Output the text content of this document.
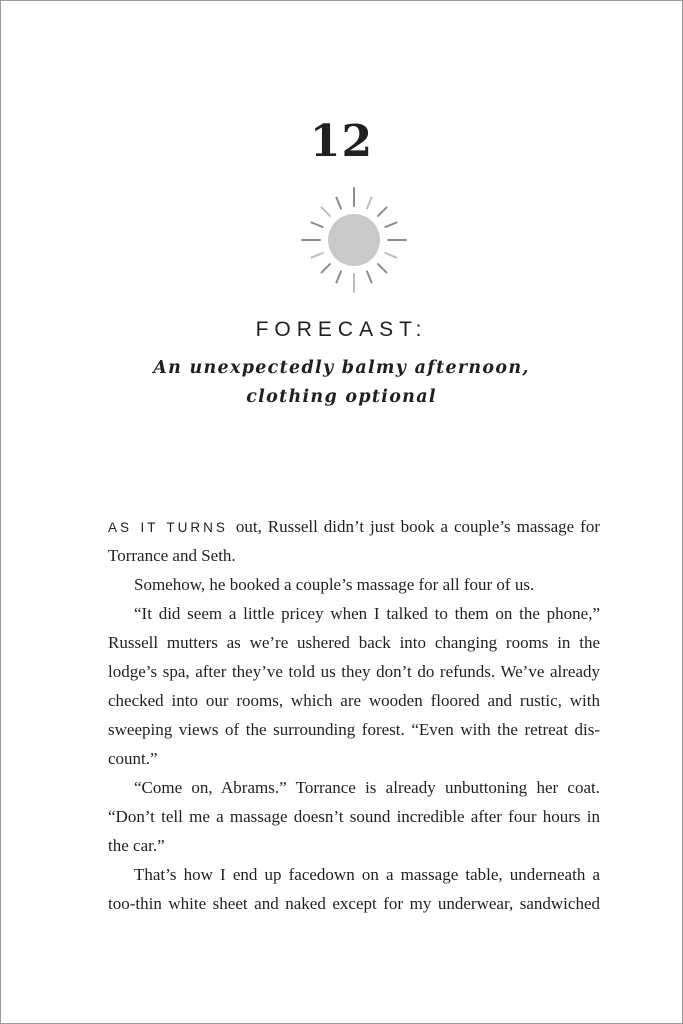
12
FORECAST:
An unexpectedly balmy afternoon,
clothing optional
AS IT TURNS out, Russell didn’t just book a couple’s massage for
Torrance and Seth.
Somehow, he booked a couple’s massage for all four of us.
“It did seem a little pricey when I talked to them on the phone,”
Russell mutters as we’re ushered back into changing rooms in the
lodge’s spa, after they’ve told us they don’t do refunds. We’ve already
checked into our rooms, which are wooden floored and rustic, with
sweeping views of the surrounding forest. “Even with the retreat dis-
count.”
“Come on, Abrams.” Torrance is already unbuttoning her coat.
“Don’t tell me a massage doesn’t sound incredible after four hours in
the car.”
That’s how I end up facedown on a massage table, underneath a
too-thin white sheet and naked except for my underwear, sandwiched
